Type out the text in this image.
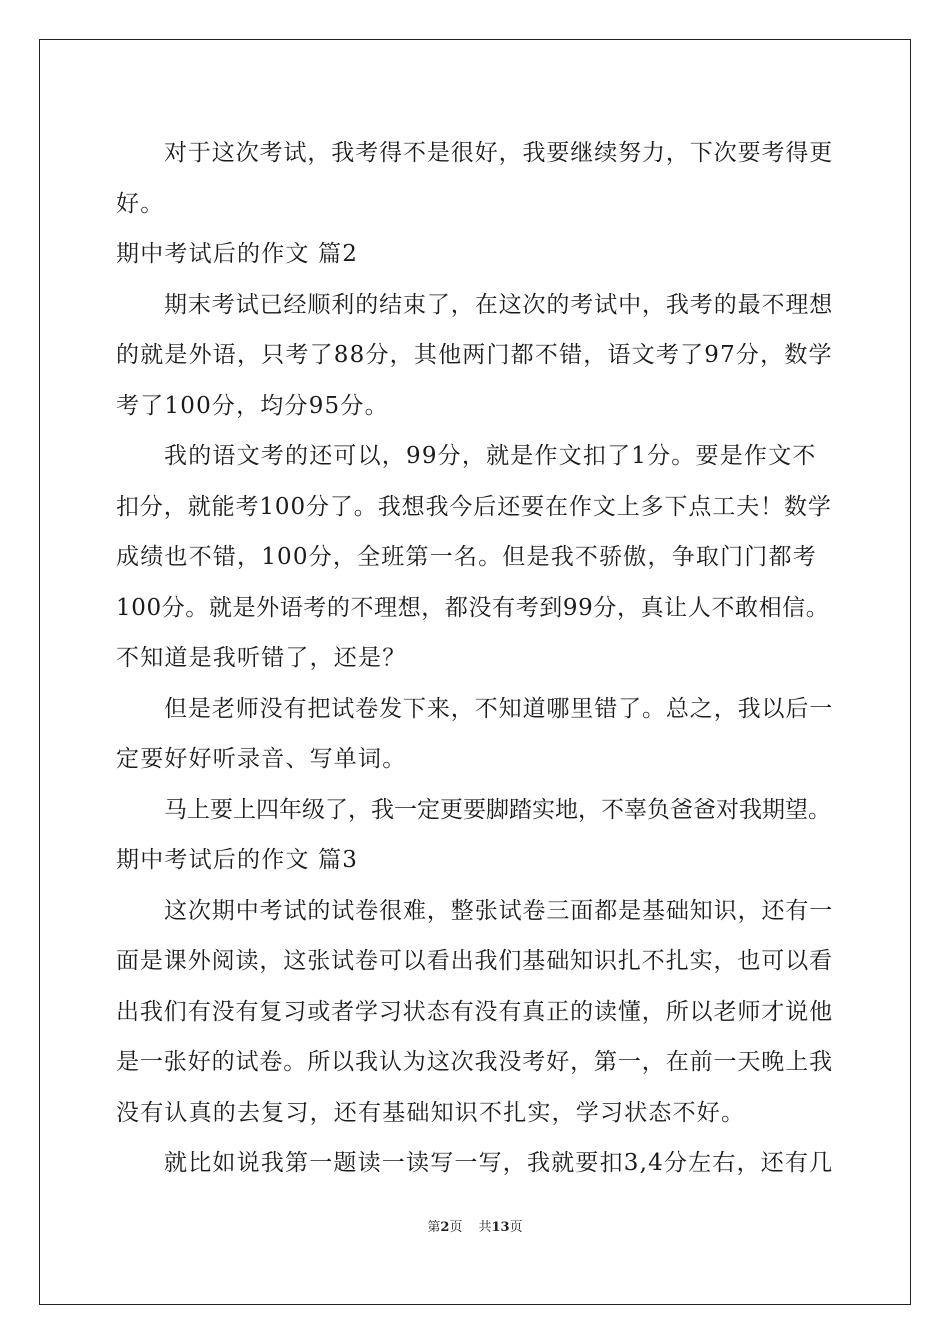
对于这次考试，我考得不是很好，我要继续努力，下次要考得更
好。
期中考试后的作文 篇2
期末考试已经顺利的结束了，在这次的考试中，我考的最不理想
的就是外语，只考了88分，其他两门都不错，语文考了97分，数学
考了100分，均分95分。
我的语文考的还可以，99分，就是作文扣了1分。要是作文不
扣分，就能考100分了。我想我今后还要在作文上多下点工夫！数学
成绩也不错，100分，全班第一名。但是我不骄傲，争取门门都考
100分。就是外语考的不理想，都没有考到99分，真让人不敢相信。
不知道是我听错了，还是？
但是老师没有把试卷发下来，不知道哪里错了。总之，我以后一
定要好好听录音、写单词。
马上要上四年级了，我一定更要脚踏实地，不辜负爸爸对我期望。
期中考试后的作文 篇3
这次期中考试的试卷很难，整张试卷三面都是基础知识，还有一
面是课外阅读，这张试卷可以看出我们基础知识扎不扎实，也可以看
出我们有没有复习或者学习状态有没有真正的读懂，所以老师才说他
是一张好的试卷。所以我认为这次我没考好，第一，在前一天晚上我
没有认真的去复习，还有基础知识不扎实，学习状态不好。
就比如说我第一题读一读写一写，我就要扣3,4分左右，还有几
第2页 共13页
